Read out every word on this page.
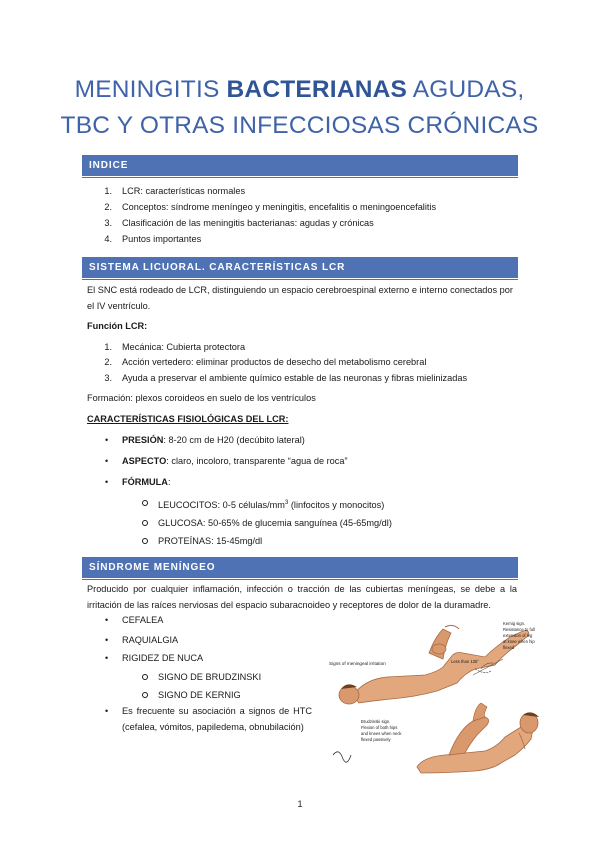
MENINGITIS BACTERIANAS AGUDAS,
TBC Y OTRAS INFECCIOSAS CRÓNICAS
INDICE
1. LCR: características normales
2. Conceptos: síndrome meníngeo y meningitis, encefalitis o meningoencefalitis
3. Clasificación de las meningitis bacterianas: agudas y crónicas
4. Puntos importantes
SISTEMA LICUORAL. CARACTERÍSTICAS LCR
El SNC está rodeado de LCR, distinguiendo un espacio cerebroespinal externo e interno conectados por el IV ventrículo.
Función LCR:
1. Mecánica: Cubierta protectora
2. Acción vertedero: eliminar productos de desecho del metabolismo cerebral
3. Ayuda a preservar el ambiente químico estable de las neuronas y fibras mielinizadas
Formación: plexos coroideos en suelo de los ventrículos
CARACTERÍSTICAS FISIOLÓGICAS DEL LCR:
• PRESIÓN: 8-20 cm de H20 (decúbito lateral)
• ASPECTO: claro, incoloro, transparente “agua de roca”
• FÓRMULA:
LEUCOCITOS: 0-5 células/$mm^3$ (linfocitos y monocitos)
GLUCOSA: 50-65% de glucemia sanguínea (45-65mg/dl)
PROTEÍNAS: 15-45mg/dl
SÍNDROME MENÍNGEO
Producido por cualquier inflamación, infección o tracción de las cubiertas meníngeas, se debe a la irritación de las raíces nerviosas del espacio subaracnoideo y receptores de dolor de la duramadre.
• CEFALEA
• RAQUIALGIA
• RIGIDEZ DE NUCA
SIGNO DE BRUDZINSKI
SIGNO DE KERNIG
• Es frecuente su asociación a signos de HTC
(cefalea, vómitos, papiledema, obnubilación)
Signs of meningeal irritation
Kernig sign.
Resistance to full
extension of leg
at knee when hip
flexed
Less than 135°
Brudzinski sign.
Flexion of both hips
and knees when neck
flexed passively
1
